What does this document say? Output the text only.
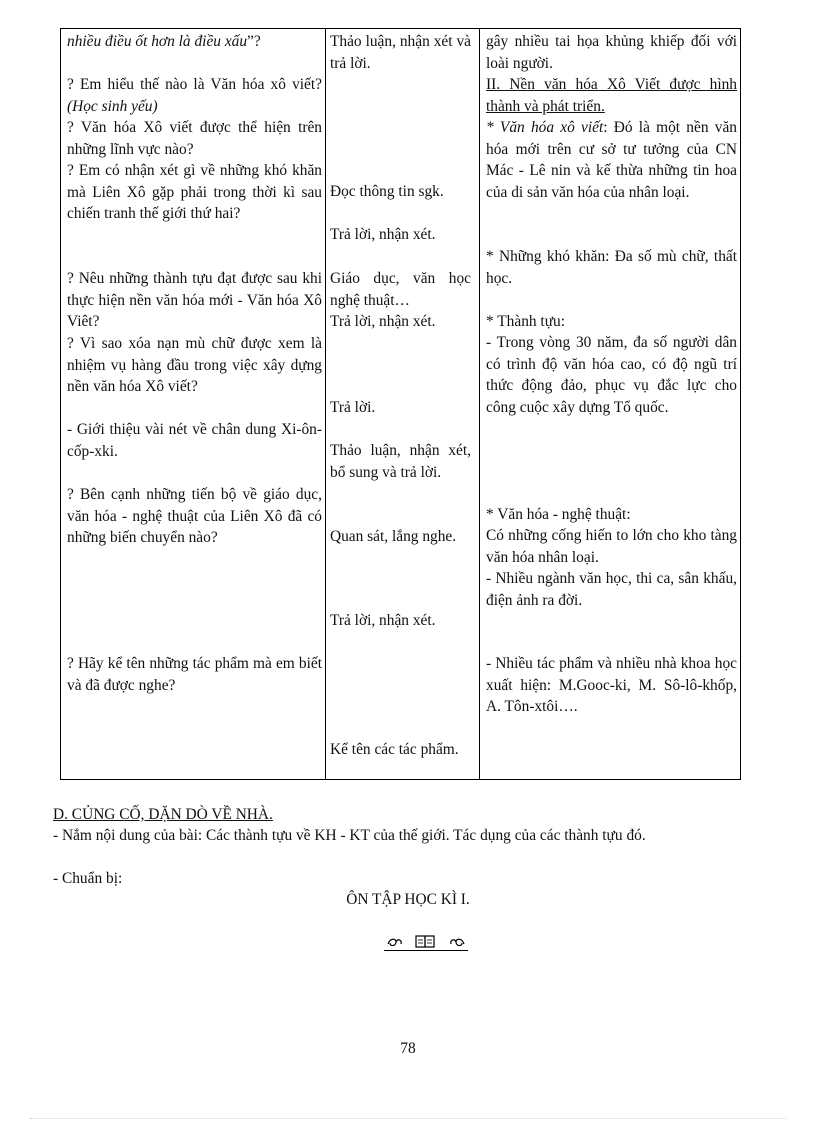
nhiều điều ốt hơn là điều xấu”?
? Em hiểu thế nào là Văn hóa xô viết? (Học sinh yếu)
? Văn hóa Xô viết được thể hiện trên những lĩnh vực nào?
? Em có nhận xét gì về những khó khăn mà Liên Xô gặp phải trong thời kì sau chiến tranh thế giới thứ hai?
? Nêu những thành tựu đạt được sau khi thực hiện nền văn hóa mới - Văn hóa Xô Viêt?
? Vì sao xóa nạn mù chữ được xem là nhiệm vụ hàng đầu trong việc xây dựng nền văn hóa Xô viết?
- Giới thiệu vài nét về chân dung Xi-ôn-cốp-xki.
? Bên cạnh những tiến bộ về giáo dục, văn hóa - nghệ thuật của Liên Xô đã có những biến chuyển nào?
? Hãy kể tên những tác phẩm mà em biết và đã được nghe?
Thảo luận, nhận xét và trả lời.
Đọc thông tin sgk.
Trả lời, nhận xét.
Giáo dục, văn học nghệ thuật…
Trả lời, nhận xét.
Trả lời.
Thảo luận, nhận xét, bổ sung và trả lời.
Quan sát, lắng nghe.
Trả lời, nhận xét.
Kể tên các tác phẩm.
gây nhiều tai họa khủng khiếp đối với loài người.
II. Nền văn hóa Xô Viết được hình thành và phát triển.
* Văn hóa xô viết: Đó là một nền văn hóa mới trên cư sở tư tưởng của CN Mác - Lê nin và kế thừa những tin hoa của di sản văn hóa của nhân loại.
* Những khó khăn: Đa số mù chữ, thất học.
* Thành tựu:
- Trong vòng 30 năm, đa số người dân có trình độ văn hóa cao, có độ ngũ trí thức động đảo, phục vụ đắc lực cho công cuộc xây dựng Tổ quốc.
* Văn hóa - nghệ thuật:
Có những cống hiến to lớn cho kho tàng văn hóa nhân loại.
- Nhiều ngành văn học, thi ca, sân khấu, điện ảnh ra đời.
- Nhiều tác phẩm và nhiều nhà khoa học xuất hiện: M.Gooc-ki, M. Sô-lô-khốp, A. Tôn-xtôi….
D. CỦNG CỐ, DẶN DÒ VỀ NHÀ.
- Nắm nội dung của bài: Các thành tựu về KH - KT của thế giới. Tác dụng của các thành tựu đó.
- Chuẩn bị:
ÔN TẬP HỌC KÌ I.
78
